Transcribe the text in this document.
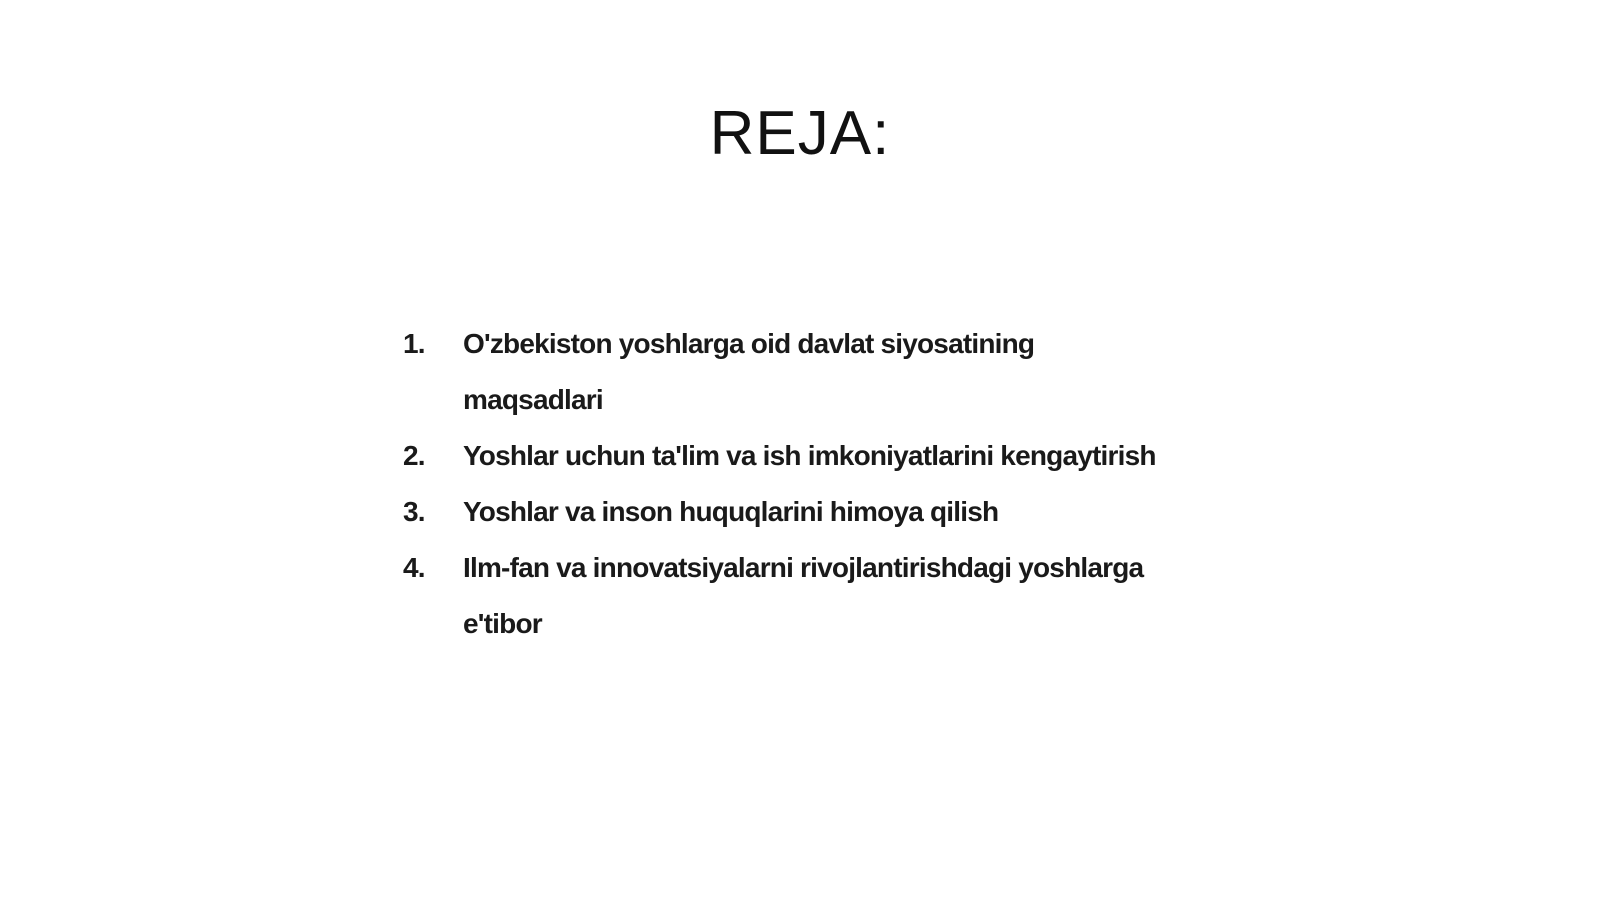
REJA:
1.	O'zbekiston yoshlarga oid davlat siyosatining maqsadlari
2.	Yoshlar uchun ta'lim va ish imkoniyatlarini kengaytirish
3.	Yoshlar va inson huquqlarini himoya qilish
4.	Ilm-fan va innovatsiyalarni rivojlantirishdagi yoshlarga e'tibor
